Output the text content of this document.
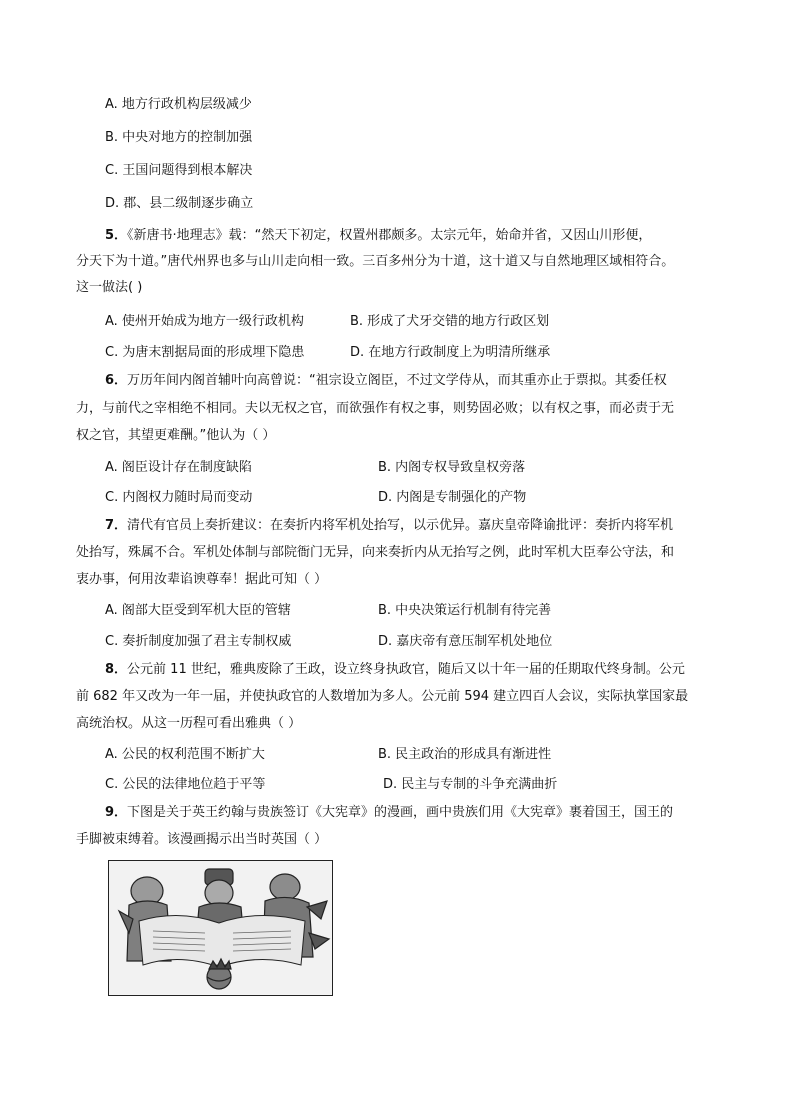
A. 地方行政机构层级减少
B. 中央对地方的控制加强
C. 王国问题得到根本解决
D. 郡、县二级制逐步确立
5．《新唐书·地理志》载：“然天下初定，权置州郡颇多。太宗元年，始命并省，又因山川形便，
分天下为十道。”唐代州界也多与山川走向相一致。三百多州分为十道，这十道又与自然地理区域相符合。
这一做法( )
A. 使州开始成为地方一级行政机构	B. 形成了犬牙交错的地方行政区划
C. 为唐末割据局面的形成埋下隐患	D. 在地方行政制度上为明清所继承
6．万历年间内阁首辅叶向高曾说：“祖宗设立阁臣，不过文学侍从，而其重亦止于票拟。其委任权
力，与前代之宰相绝不相同。夫以无权之官，而欲强作有权之事，则势固必败；以有权之事，而必责于无
权之官，其望更难酬。”他认为（ ）
A. 阁臣设计存在制度缺陷	B. 内阁专权导致皇权旁落
C. 内阁权力随时局而变动	D. 内阁是专制强化的产物
7．清代有官员上奏折建议：在奏折内将军机处抬写，以示优异。嘉庆皇帝降谕批评：奏折内将军机
处抬写，殊属不合。军机处体制与部院衙门无异，向来奏折内从无抬写之例，此时军机大臣奉公守法，和
衷办事，何用汝辈谄谀尊奉！据此可知（ ）
A. 阁部大臣受到军机大臣的管辖	B. 中央决策运行机制有待完善
C. 奏折制度加强了君主专制权威	D. 嘉庆帝有意压制军机处地位
8．公元前 11 世纪，雅典废除了王政，设立终身执政官，随后又以十年一届的任期取代终身制。公元
前 682 年又改为一年一届，并使执政官的人数增加为多人。公元前 594 建立四百人会议，实际执掌国家最
高统治权。从这一历程可看出雅典（ ）
A. 公民的权利范围不断扩大	B. 民主政治的形成具有渐进性
C. 公民的法律地位趋于平等	D. 民主与专制的斗争充满曲折
9．下图是关于英王约翰与贵族签订《大宪章》的漫画，画中贵族们用《大宪章》裹着国王，国王的
手脚被束缚着。该漫画揭示出当时英国（ ）
